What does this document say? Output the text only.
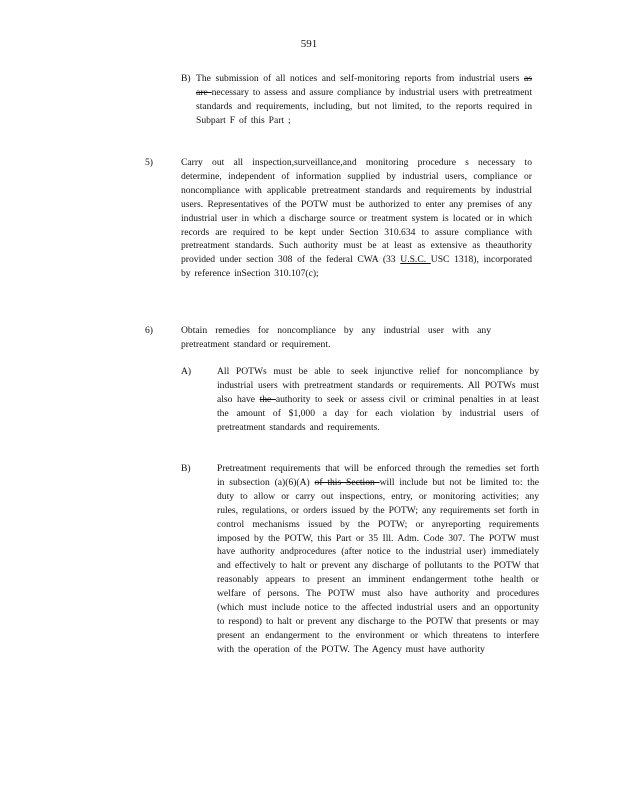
591
B) The submission of all notices and self-monitoring reports from industrial users as are necessary to assess and assure compliance by industrial users with pretreatment standards and requirements, including, but not limited, to the reports required in Subpart F of this Part ;
5)	Carry out all inspection,surveillance,and monitoring procedure s necessary to determine, independent of information supplied by industrial users, compliance or noncompliance with applicable pretreatment standards and requirements by industrial users. Representatives of the POTW must be authorized to enter any premises of any industrial user in which a discharge source or treatment system is located or in which records are required to be kept under Section 310.634 to assure compliance with pretreatment standards. Such authority must be at least as extensive as theauthority provided under section 308 of the federal CWA (33 U.S.C. USC 1318), incorporated by reference inSection 310.107(c);
6)	Obtain remedies for noncompliance by any industrial user with any pretreatment standard or requirement.
A)	All POTWs must be able to seek injunctive relief for noncompliance by industrial users with pretreatment standards or requirements. All POTWs must also have the authority to seek or assess civil or criminal penalties in at least the amount of $1,000 a day for each violation by industrial users of pretreatment standards and requirements.
B)	Pretreatment requirements that will be enforced through the remedies set forth in subsection (a)(6)(A) of this Section will include but not be limited to: the duty to allow or carry out inspections, entry, or monitoring activities; any rules, regulations, or orders issued by the POTW; any requirements set forth in control mechanisms issued by the POTW; or anyreporting requirements imposed by the POTW, this Part or 35 Ill. Adm. Code 307. The POTW must have authority andprocedures (after notice to the industrial user) immediately and effectively to halt or prevent any discharge of pollutants to the POTW that reasonably appears to present an imminent endangerment tothe health or welfare of persons. The POTW must also have authority and procedures (which must include notice to the affected industrial users and an opportunity to respond) to halt or prevent any discharge to the POTW that presents or may present an endangerment to the environment or which threatens to interfere with the operation of the POTW. The Agency must have authority
